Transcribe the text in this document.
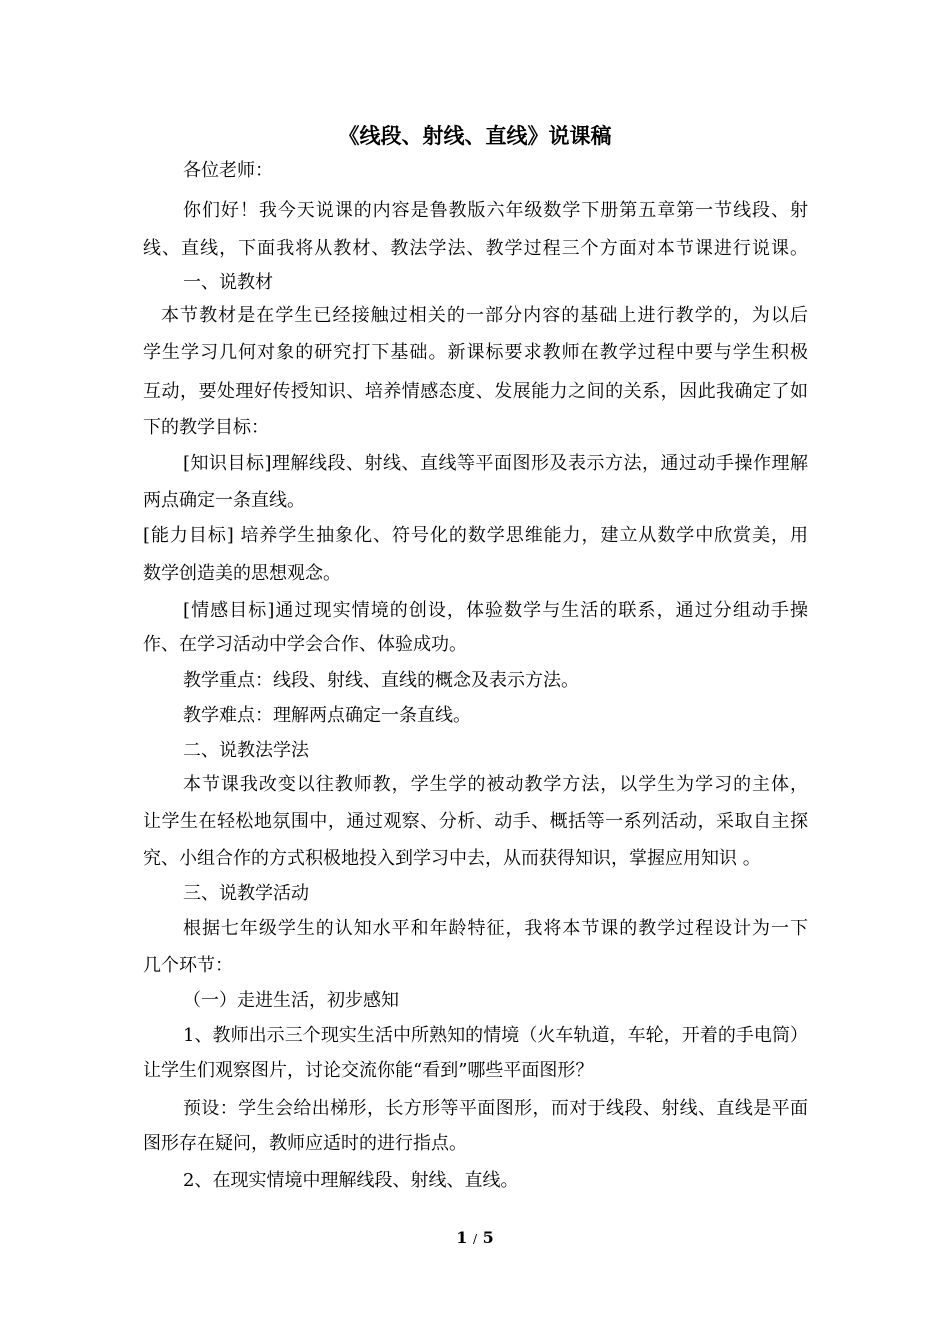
《线段、射线、直线》说课稿
各位老师：
你们好！我今天说课的内容是鲁教版六年级数学下册第五章第一节线段、射
线、直线，下面我将从教材、教法学法、教学过程三个方面对本节课进行说课。
一、说教材
本节教材是在学生已经接触过相关的一部分内容的基础上进行教学的，为以后
学生学习几何对象的研究打下基础。新课标要求教师在教学过程中要与学生积极
互动，要处理好传授知识、培养情感态度、发展能力之间的关系，因此我确定了如
下的教学目标：
[知识目标]理解线段、射线、直线等平面图形及表示方法，通过动手操作理解
两点确定一条直线。
[能力目标] 培养学生抽象化、符号化的数学思维能力，建立从数学中欣赏美，用
数学创造美的思想观念。
[情感目标]通过现实情境的创设，体验数学与生活的联系，通过分组动手操
作、在学习活动中学会合作、体验成功。
教学重点：线段、射线、直线的概念及表示方法。
教学难点：理解两点确定一条直线。
二、说教法学法
本节课我改变以往教师教，学生学的被动教学方法，以学生为学习的主体，
让学生在轻松地氛围中，通过观察、分析、动手、概括等一系列活动，采取自主探
究、小组合作的方式积极地投入到学习中去，从而获得知识，掌握应用知识 。
三、说教学活动
根据七年级学生的认知水平和年龄特征，我将本节课的教学过程设计为一下
几个环节：
（一）走进生活，初步感知
1、教师出示三个现实生活中所熟知的情境（火车轨道，车轮，开着的手电筒）
让学生们观察图片，讨论交流你能“看到”哪些平面图形？
预设：学生会给出梯形，长方形等平面图形，而对于线段、射线、直线是平面
图形存在疑问，教师应适时的进行指点。
2、在现实情境中理解线段、射线、直线。
1 / 5
